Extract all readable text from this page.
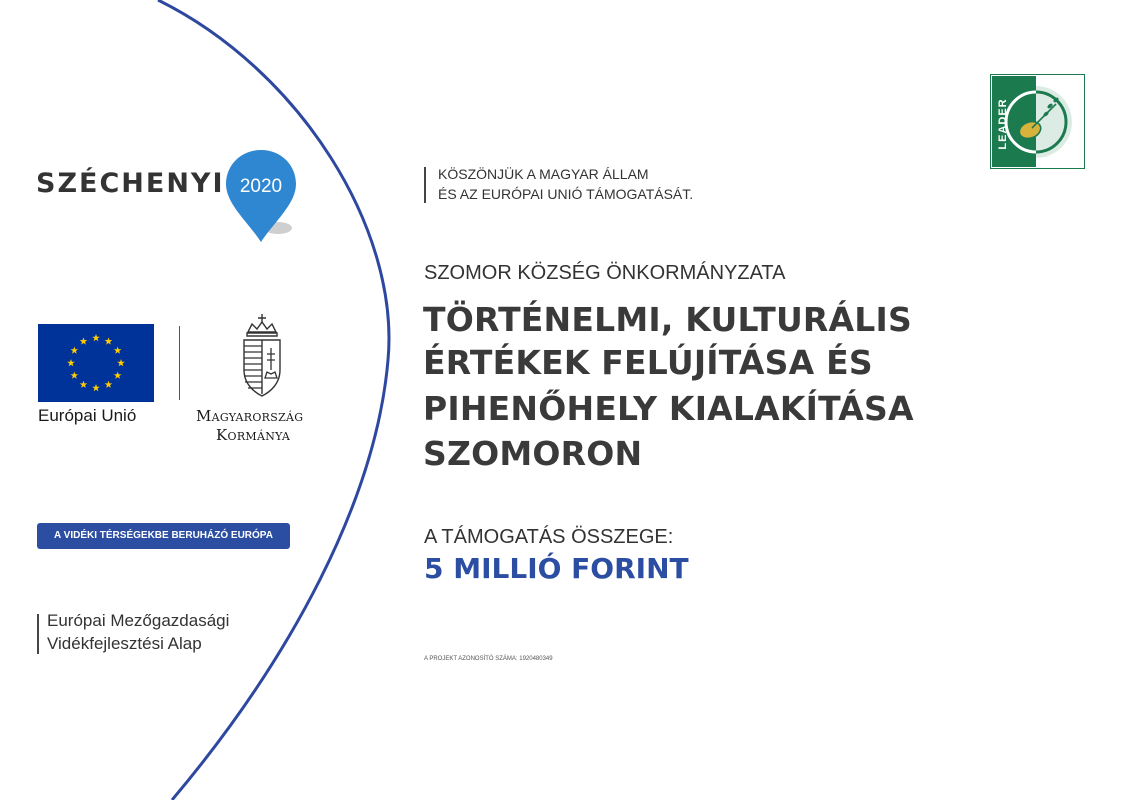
SZÉCHENYI 2020
Európai Unió	Magyarország
Kormánya
A VIDÉKI TÉRSÉGEKBE BERUHÁZÓ EURÓPA
Európai Mezőgazdasági
Vidékfejlesztési Alap
LEADER
KÖSZÖNJÜK A MAGYAR ÁLLAM
ÉS AZ EURÓPAI UNIÓ TÁMOGATÁSÁT.
SZOMOR KÖZSÉG ÖNKORMÁNYZATA
TÖRTÉNELMI, KULTURÁLIS
ÉRTÉKEK FELÚJÍTÁSA ÉS
PIHENŐHELY KIALAKÍTÁSA
SZOMORON
A TÁMOGATÁS ÖSSZEGE:
5 MILLIÓ FORINT
A PROJEKT AZONOSÍTÓ SZÁMA: 1920480349
